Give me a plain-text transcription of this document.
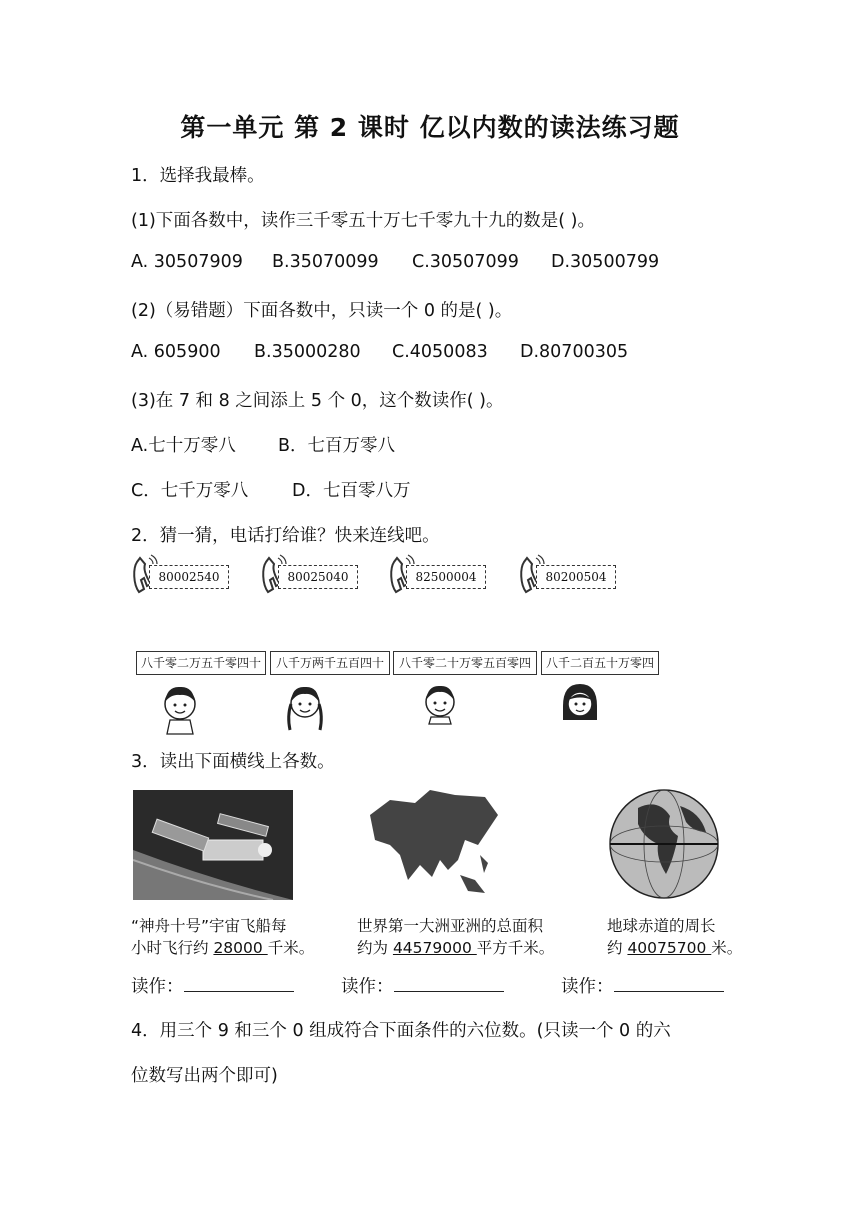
第一单元 第 2 课时 亿以内数的读法练习题
1．选择我最棒。
(1)下面各数中，读作三千零五十万七千零九十九的数是( )。
A. 30507909 B.35070099 C.30507099 D.30500799
(2)（易错题）下面各数中，只读一个 0 的是( )。
A. 605900 B.35000280 C.4050083 D.80700305
(3)在 7 和 8 之间添上 5 个 0，这个数读作( )。
A.七十万零八 B．七百万零八
C．七千万零八	D．七百零八万
2．猜一猜，电话打给谁？快来连线吧。
80002540	80025040	82500004	80200504
八千零二万五千零四十	八千万两千五百四十	八千零二十万零五百零四	八千二百五十万零四
3．读出下面横线上各数。
“神舟十号”宇宙飞船每
小时飞行约 28000 千米。
世界第一大洲亚洲的总面积
约为 44579000 平方千米。
地球赤道的周长
约 40075700 米。
读作：	读作：	读作：
4．用三个 9 和三个 0 组成符合下面条件的六位数。(只读一个 0 的六
位数写出两个即可)
